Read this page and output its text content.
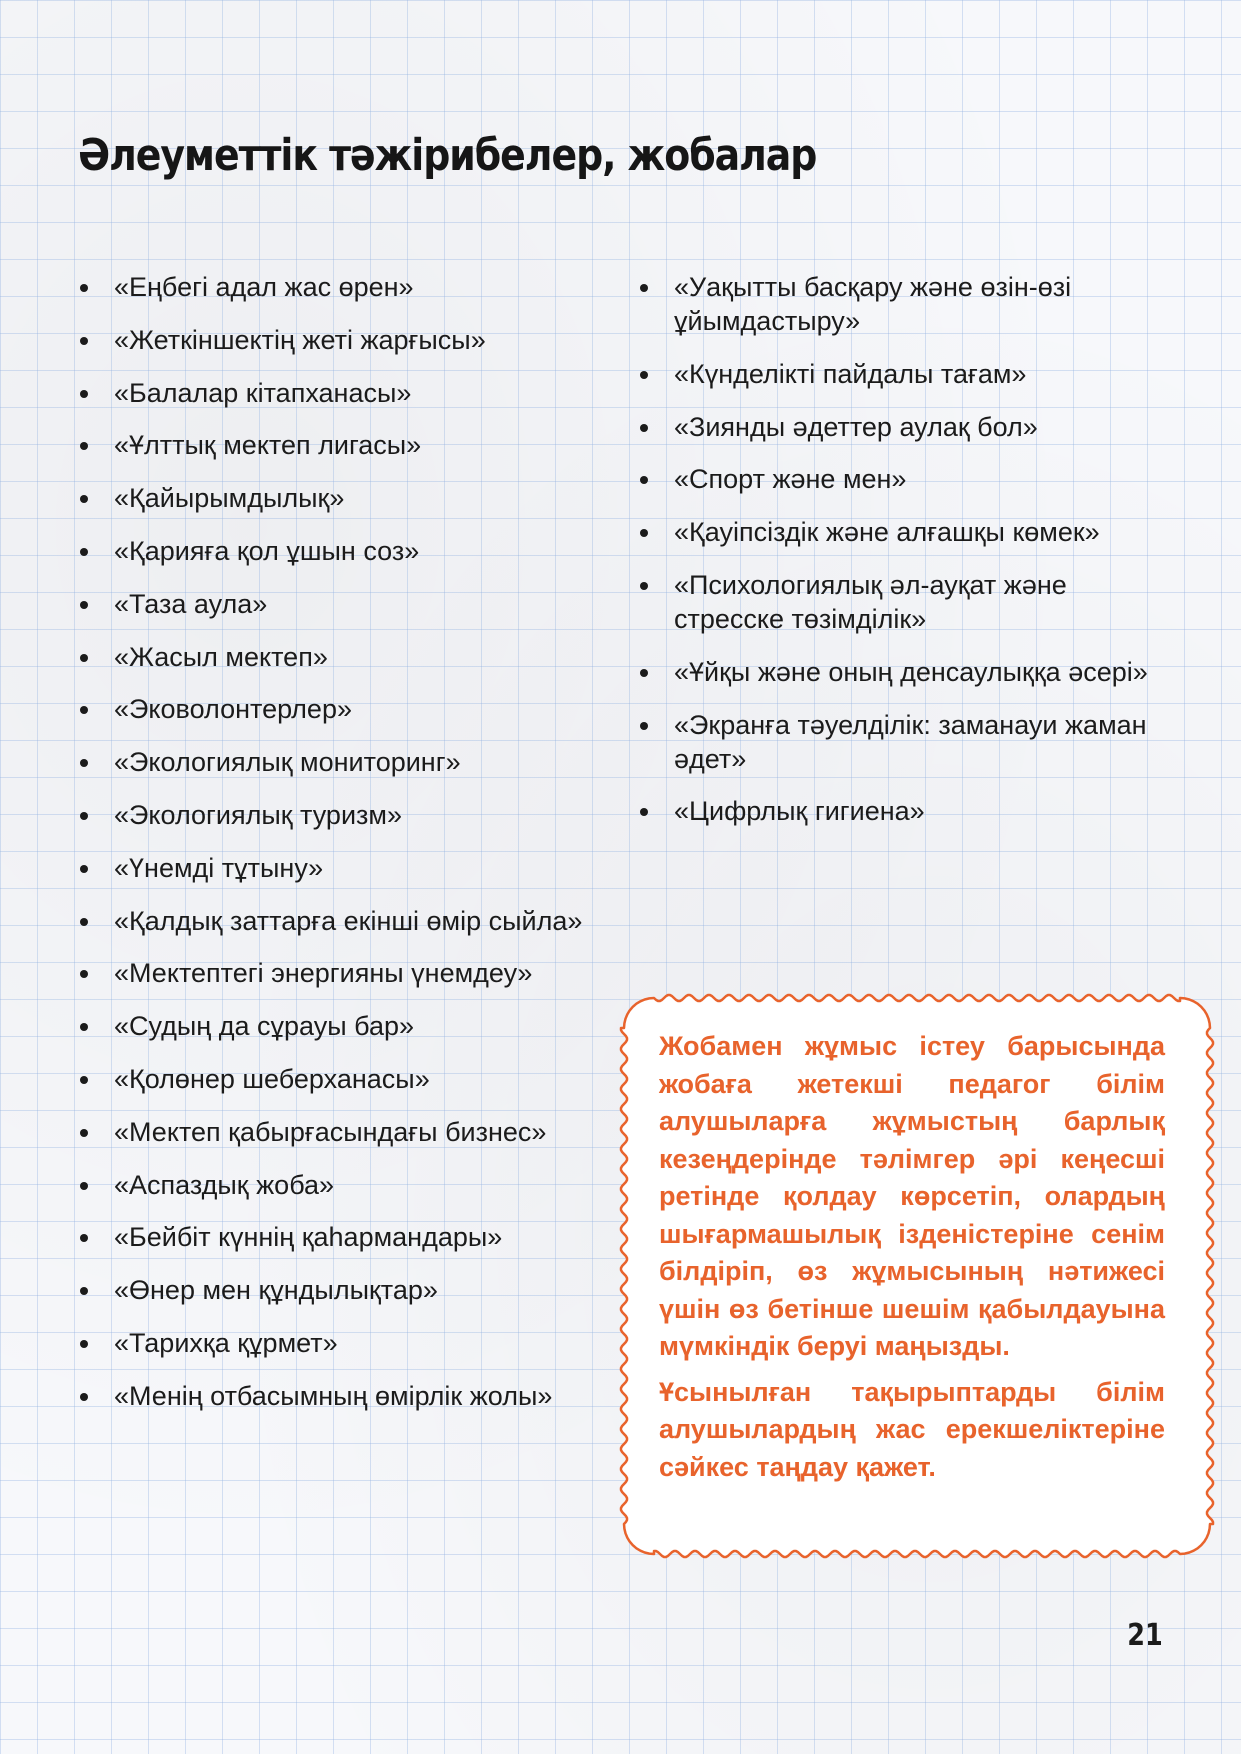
Әлеуметтік тәжірибелер, жобалар
«Еңбегі адал жас өрен»
«Жеткіншектің жеті жарғысы»
«Балалар кітапханасы»
«Ұлттық мектеп лигасы»
«Қайырымдылық»
«Қарияға қол ұшын соз»
«Таза аула»
«Жасыл мектеп»
«Эковолонтерлер»
«Экологиялық мониторинг»
«Экологиялық туризм»
«Үнемді тұтыну»
«Қалдық заттарға екінші өмір сыйла»
«Мектептегі энергияны үнемдеу»
«Судың да сұрауы бар»
«Қолөнер шеберханасы»
«Мектеп қабырғасындағы бизнес»
«Аспаздық жоба»
«Бейбіт күннің қаһармандары»
«Өнер мен құндылықтар»
«Тарихқа құрмет»
«Менің отбасымның өмірлік жолы»
«Уақытты басқару және өзін-өзі ұйымдастыру»
«Күнделікті пайдалы тағам»
«Зиянды әдеттер аулақ бол»
«Спорт және мен»
«Қауіпсіздік және алғашқы көмек»
«Психологиялық әл-ауқат және стресске төзімділік»
«Ұйқы және оның денсаулыққа әсері»
«Экранға тәуелділік: заманауи жаман әдет»
«Цифрлық гигиена»

Жобамен жұмыс істеу барысында жобаға жетекші педагог білім алушыларға жұмыстың барлық кезеңдерінде тәлімгер әрі кеңесші ретінде қолдау көрсетіп, олардың шығармашылық ізденістеріне сенім білдіріп, өз жұмысының нәтижесі үшін өз бетінше шешім қабылдауына мүмкіндік беруі маңызды.

Ұсынылған тақырыптарды білім алушылардың жас ерекшеліктеріне сәйкес таңдау қажет.

21
